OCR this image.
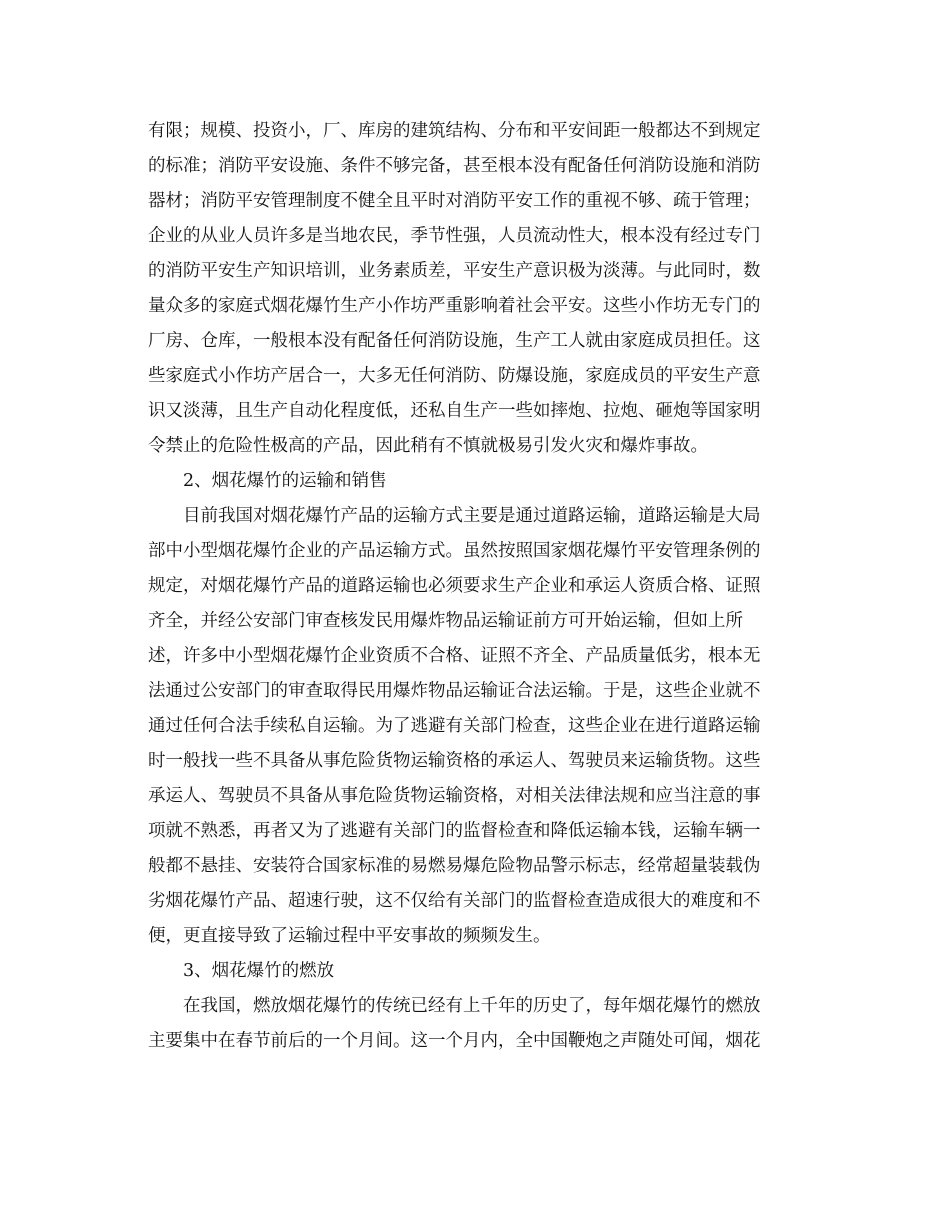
有限；规模、投资小，厂、库房的建筑结构、分布和平安间距一般都达不到规定
的标准；消防平安设施、条件不够完备，甚至根本没有配备任何消防设施和消防
器材；消防平安管理制度不健全且平时对消防平安工作的重视不够、疏于管理；
企业的从业人员许多是当地农民，季节性强，人员流动性大，根本没有经过专门
的消防平安生产知识培训，业务素质差，平安生产意识极为淡薄。与此同时，数
量众多的家庭式烟花爆竹生产小作坊严重影响着社会平安。这些小作坊无专门的
厂房、仓库，一般根本没有配备任何消防设施，生产工人就由家庭成员担任。这
些家庭式小作坊产居合一，大多无任何消防、防爆设施，家庭成员的平安生产意
识又淡薄，且生产自动化程度低，还私自生产一些如摔炮、拉炮、砸炮等国家明
令禁止的危险性极高的产品，因此稍有不慎就极易引发火灾和爆炸事故。
2、烟花爆竹的运输和销售
目前我国对烟花爆竹产品的运输方式主要是通过道路运输，道路运输是大局
部中小型烟花爆竹企业的产品运输方式。虽然按照国家烟花爆竹平安管理条例的
规定，对烟花爆竹产品的道路运输也必须要求生产企业和承运人资质合格、证照
齐全，并经公安部门审查核发民用爆炸物品运输证前方可开始运输，但如上所
述，许多中小型烟花爆竹企业资质不合格、证照不齐全、产品质量低劣，根本无
法通过公安部门的审查取得民用爆炸物品运输证合法运输。于是，这些企业就不
通过任何合法手续私自运输。为了逃避有关部门检查，这些企业在进行道路运输
时一般找一些不具备从事危险货物运输资格的承运人、驾驶员来运输货物。这些
承运人、驾驶员不具备从事危险货物运输资格，对相关法律法规和应当注意的事
项就不熟悉，再者又为了逃避有关部门的监督检查和降低运输本钱，运输车辆一
般都不悬挂、安装符合国家标准的易燃易爆危险物品警示标志，经常超量装载伪
劣烟花爆竹产品、超速行驶，这不仅给有关部门的监督检查造成很大的难度和不
便，更直接导致了运输过程中平安事故的频频发生。
3、烟花爆竹的燃放
在我国，燃放烟花爆竹的传统已经有上千年的历史了，每年烟花爆竹的燃放
主要集中在春节前后的一个月间。这一个月内，全中国鞭炮之声随处可闻，烟花
